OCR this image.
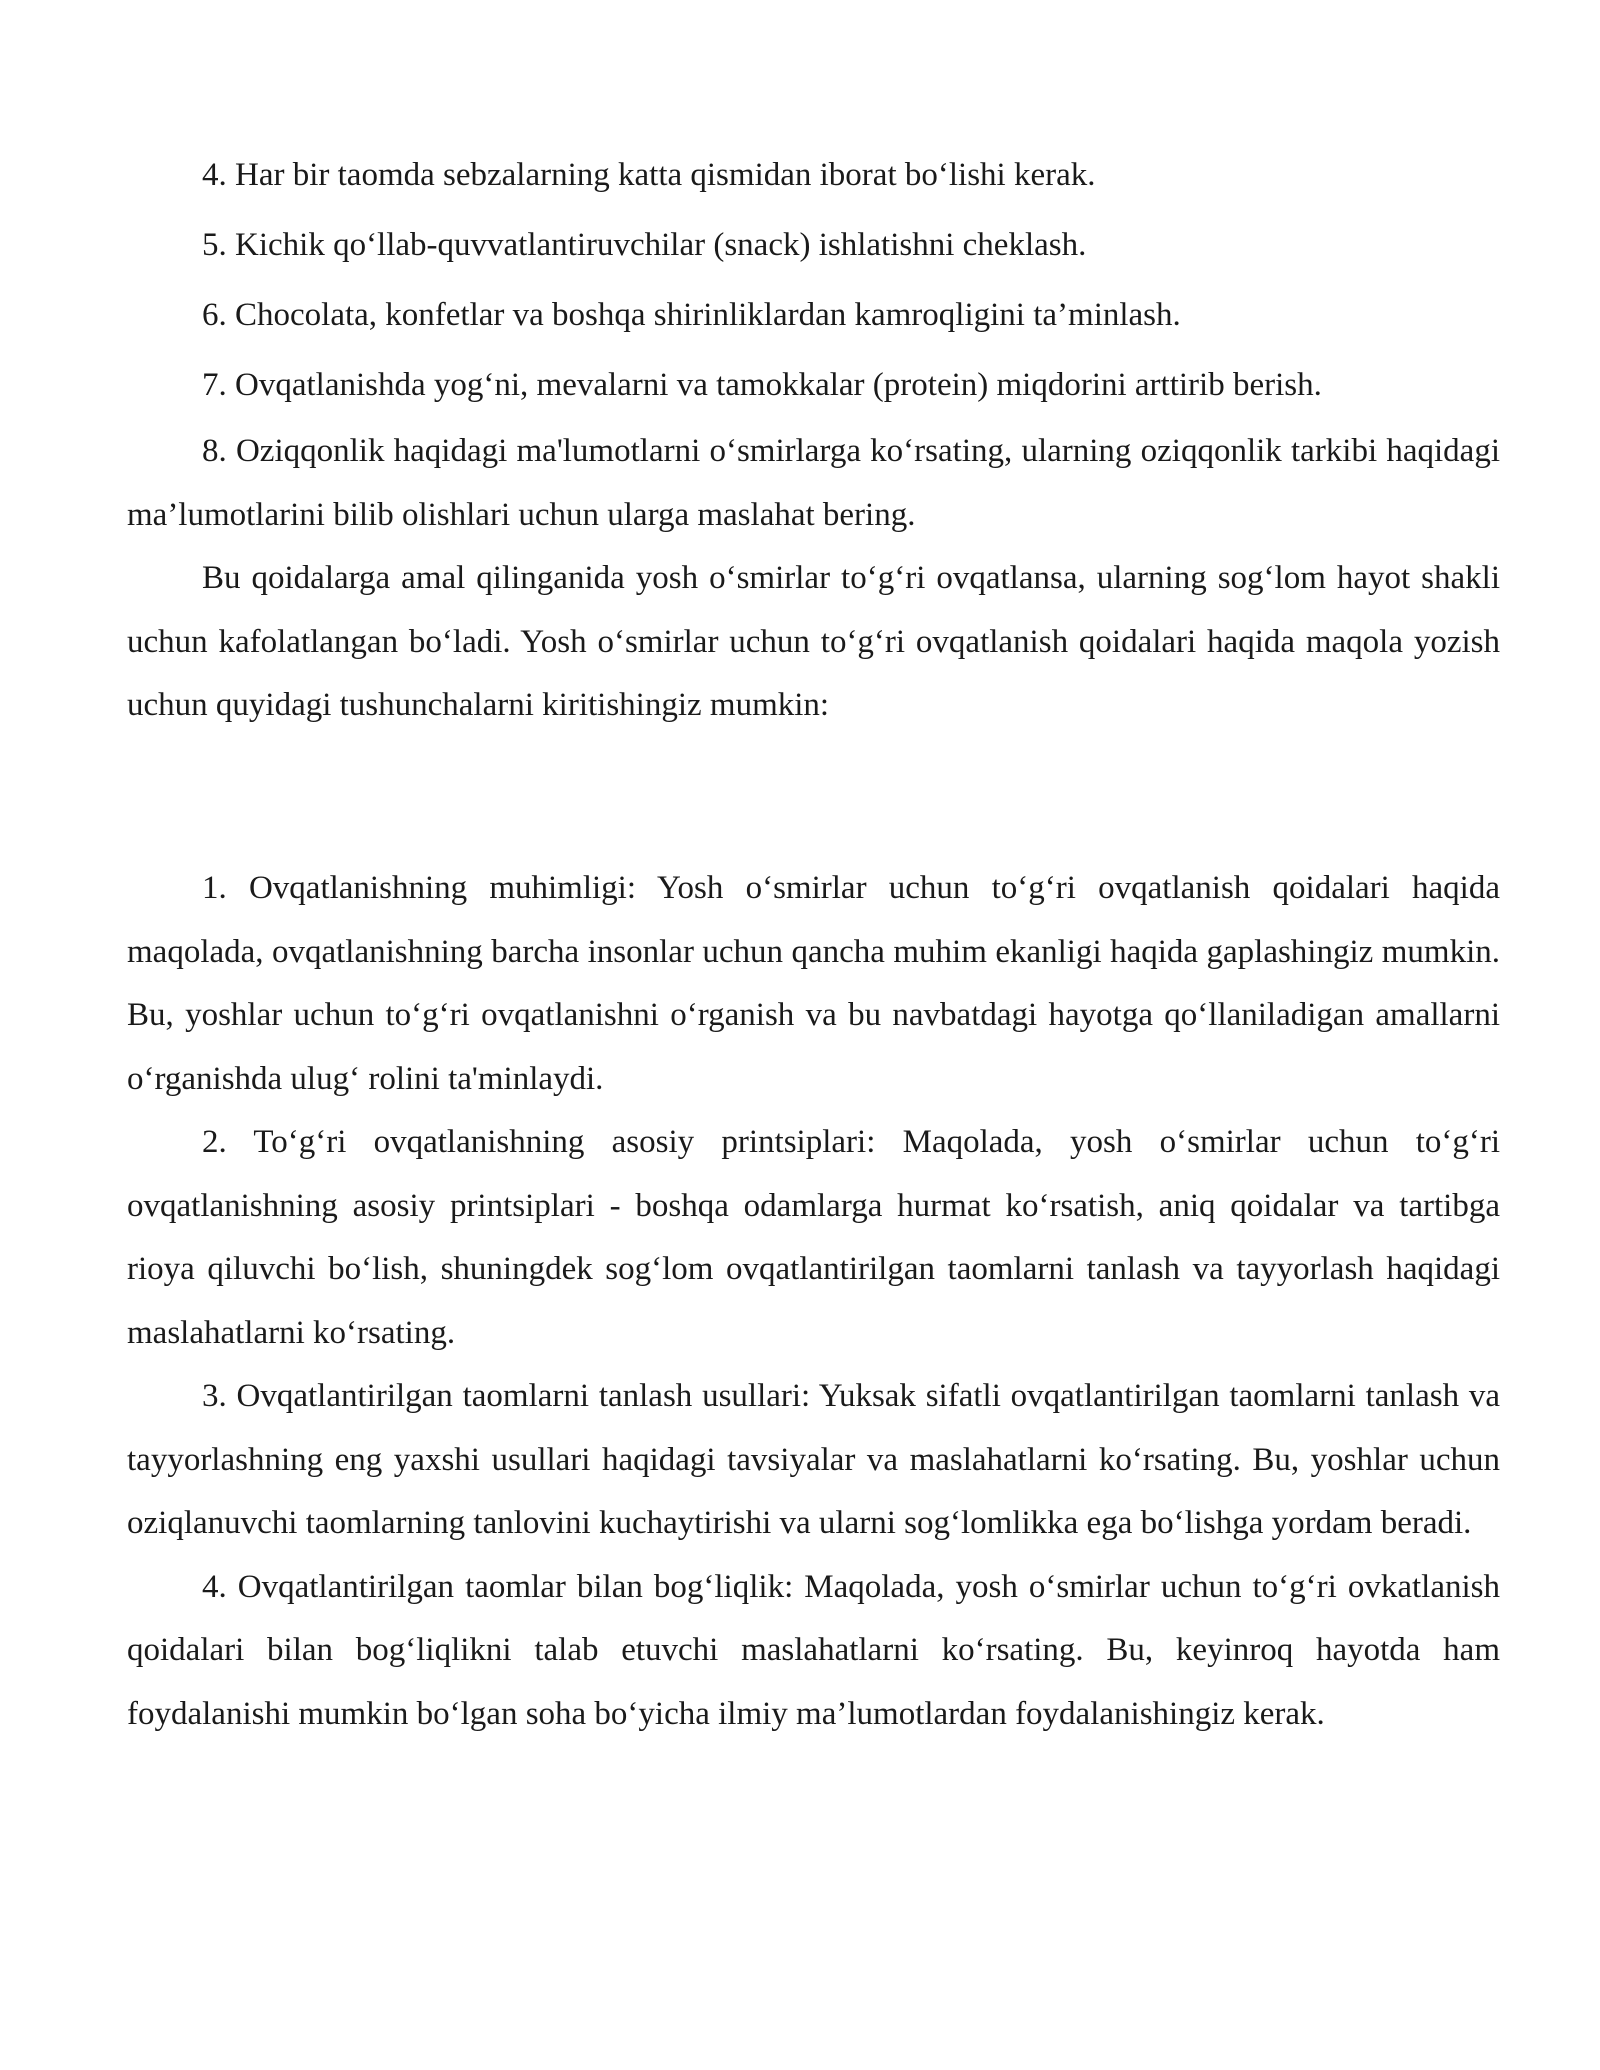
4. Har bir taomda sebzalarning katta qismidan iborat bo‘lishi kerak.

5. Kichik qo‘llab-quvvatlantiruvchilar (snack) ishlatishni cheklash.

6. Chocolata, konfetlar va boshqa shirinliklardan kamroqligini ta’minlash.

7. Ovqatlanishda yog‘ni, mevalarni va tamokkalar (protein) miqdorini arttirib berish.

8. Oziqqonlik haqidagi ma'lumotlarni o‘smirlarga ko‘rsating, ularning oziqqonlik tarkibi haqidagi ma’lumotlarini bilib olishlari uchun ularga maslahat bering.

Bu qoidalarga amal qilinganida yosh o‘smirlar to‘g‘ri ovqatlansa, ularning sog‘lom hayot shakli uchun kafolatlangan bo‘ladi. Yosh o‘smirlar uchun to‘g‘ri ovqatlanish qoidalari haqida maqola yozish uchun quyidagi tushunchalarni kiritishingiz mumkin:

1. Ovqatlanishning muhimligi: Yosh o‘smirlar uchun to‘g‘ri ovqatlanish qoidalari haqida maqolada, ovqatlanishning barcha insonlar uchun qancha muhim ekanligi haqida gaplashingiz mumkin. Bu, yoshlar uchun to‘g‘ri ovqatlanishni o‘rganish va bu navbatdagi hayotga qo‘llaniladigan amallarni o‘rganishda ulug‘ rolini ta'minlaydi.

2. To‘g‘ri ovqatlanishning asosiy printsiplari: Maqolada, yosh o‘smirlar uchun to‘g‘ri ovqatlanishning asosiy printsiplari - boshqa odamlarga hurmat ko‘rsatish, aniq qoidalar va tartibga rioya qiluvchi bo‘lish, shuningdek sog‘lom ovqatlantirilgan taomlarni tanlash va tayyorlash haqidagi maslahatlarni ko‘rsating.

3. Ovqatlantirilgan taomlarni tanlash usullari: Yuksak sifatli ovqatlantirilgan taomlarni tanlash va tayyorlashning eng yaxshi usullari haqidagi tavsiyalar va maslahatlarni ko‘rsating. Bu, yoshlar uchun oziqlanuvchi taomlarning tanlovini kuchaytirishi va ularni sog‘lomlikka ega bo‘lishga yordam beradi.

4. Ovqatlantirilgan taomlar bilan bog‘liqlik: Maqolada, yosh o‘smirlar uchun to‘g‘ri ovkatlanish qoidalari bilan bog‘liqlikni talab etuvchi maslahatlarni ko‘rsating. Bu, keyinroq hayotda ham foydalanishi mumkin bo‘lgan soha bo‘yicha ilmiy ma’lumotlardan foydalanishingiz kerak.
